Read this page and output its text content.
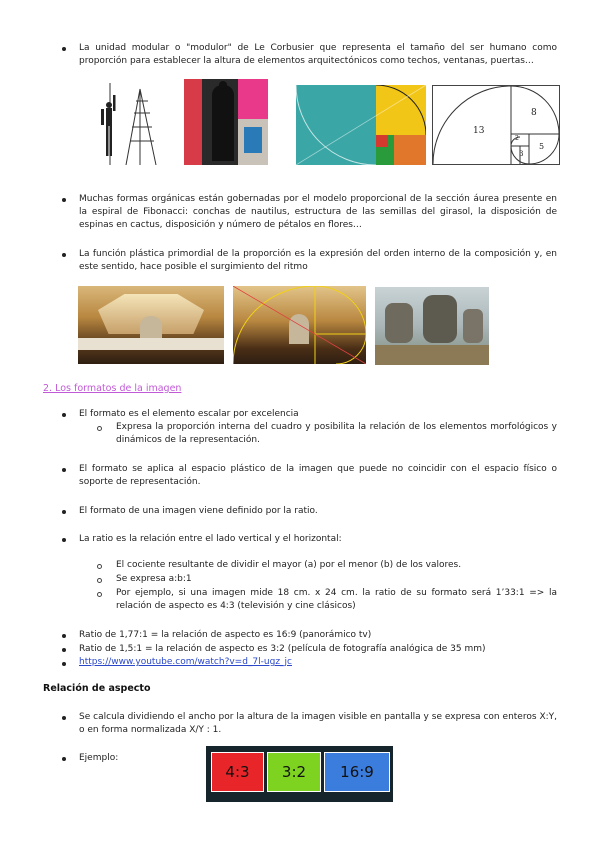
La unidad modular o "modulor" de Le Corbusier que representa el tamaño del ser humano como proporción para establecer la altura de elementos arquitectónicos como techos, ventanas, puertas…
13
8
5
2
3
Muchas formas orgánicas están gobernadas por el modelo proporcional de la sección áurea presente en la espiral de Fibonacci: conchas de nautilus, estructura de las semillas del girasol, la disposición de espinas en cactus, disposición y número de pétalos en flores…
La función plástica primordial de la proporción es la expresión del orden interno de la composición y, en este sentido, hace posible el surgimiento del ritmo
2. Los formatos de la imagen
El formato es el elemento escalar por excelencia
Expresa la proporción interna del cuadro y posibilita la relación de los elementos morfológicos y dinámicos de la representación.
El formato se aplica al espacio plástico de la imagen que puede no coincidir con el espacio físico o soporte de representación.
El formato de una imagen viene definido por la ratio.
La ratio es la relación entre el lado vertical y el horizontal:
El cociente resultante de dividir el mayor (a) por el menor (b) de los valores.
Se expresa a:b:1
Por ejemplo, si una imagen mide 18 cm. x 24 cm. la ratio de su formato será 1’33:1 => la relación de aspecto es 4:3 (televisión y cine clásicos)
Ratio de 1,77:1 = la relación de aspecto es 16:9 (panorámico tv)
Ratio de 1,5:1 = la relación de aspecto es 3:2 (película de fotografía analógica de 35 mm)
https://www.youtube.com/watch?v=d_7l-ugz_jc
Relación de aspecto
Se calcula dividiendo el ancho por la altura de la imagen visible en pantalla y se expresa con enteros X:Y, o en forma normalizada X/Y : 1.
Ejemplo:
4:3 3:2 16:9
